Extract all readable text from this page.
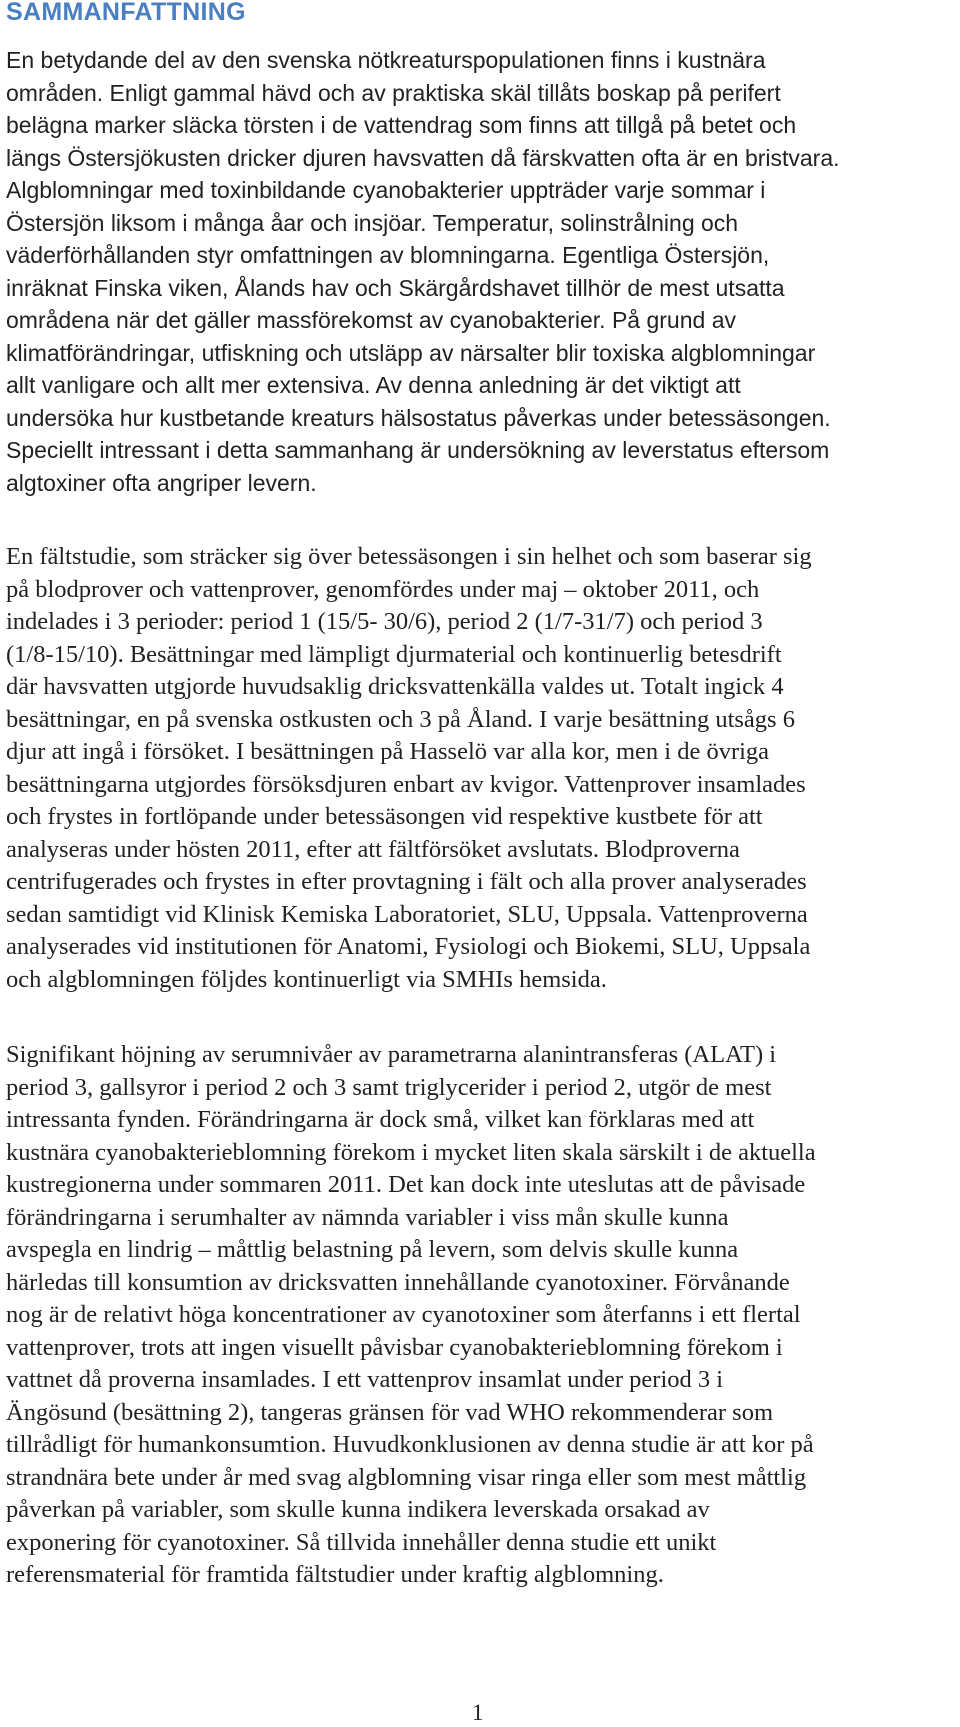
SAMMANFATTNING
En betydande del av den svenska nötkreaturspopulationen finns i kustnära
områden. Enligt gammal hävd och av praktiska skäl tillåts boskap på perifert
belägna marker släcka törsten i de vattendrag som finns att tillgå på betet och
längs Östersjökusten dricker djuren havsvatten då färskvatten ofta är en bristvara.
Algblomningar med toxinbildande cyanobakterier uppträder varje sommar i
Östersjön liksom i många åar och insjöar. Temperatur, solinstrålning och
väderförhållanden styr omfattningen av blomningarna. Egentliga Östersjön,
inräknat Finska viken, Ålands hav och Skärgårdshavet tillhör de mest utsatta
områdena när det gäller massförekomst av cyanobakterier. På grund av
klimatförändringar, utfiskning och utsläpp av närsalter blir toxiska algblomningar
allt vanligare och allt mer extensiva. Av denna anledning är det viktigt att
undersöka hur kustbetande kreaturs hälsostatus påverkas under betessäsongen.
Speciellt intressant i detta sammanhang är undersökning av leverstatus eftersom
algtoxiner ofta angriper levern.
En fältstudie, som sträcker sig över betessäsongen i sin helhet och som baserar sig
på blodprover och vattenprover, genomfördes under maj – oktober 2011, och
indelades i 3 perioder: period 1 (15/5- 30/6), period 2 (1/7-31/7) och period 3
(1/8-15/10). Besättningar med lämpligt djurmaterial och kontinuerlig betesdrift
där havsvatten utgjorde huvudsaklig dricksvattenkälla valdes ut. Totalt ingick 4
besättningar, en på svenska ostkusten och 3 på Åland. I varje besättning utsågs 6
djur att ingå i försöket. I besättningen på Hasselö var alla kor, men i de övriga
besättningarna utgjordes försöksdjuren enbart av kvigor. Vattenprover insamlades
och frystes in fortlöpande under betessäsongen vid respektive kustbete för att
analyseras under hösten 2011, efter att fältförsöket avslutats. Blodproverna
centrifugerades och frystes in efter provtagning i fält och alla prover analyserades
sedan samtidigt vid Klinisk Kemiska Laboratoriet, SLU, Uppsala. Vattenproverna
analyserades vid institutionen för Anatomi, Fysiologi och Biokemi, SLU, Uppsala
och algblomningen följdes kontinuerligt via SMHIs hemsida.
Signifikant höjning av serumnivåer av parametrarna alanintransferas (ALAT) i
period 3, gallsyror i period 2 och 3 samt triglycerider i period 2, utgör de mest
intressanta fynden. Förändringarna är dock små, vilket kan förklaras med att
kustnära cyanobakterieblomning förekom i mycket liten skala särskilt i de aktuella
kustregionerna under sommaren 2011. Det kan dock inte uteslutas att de påvisade
förändringarna i serumhalter av nämnda variabler i viss mån skulle kunna
avspegla en lindrig – måttlig belastning på levern, som delvis skulle kunna
härledas till konsumtion av dricksvatten innehållande cyanotoxiner. Förvånande
nog är de relativt höga koncentrationer av cyanotoxiner som återfanns i ett flertal
vattenprover, trots att ingen visuellt påvisbar cyanobakterieblomning förekom i
vattnet då proverna insamlades. I ett vattenprov insamlat under period 3 i
Ängösund (besättning 2), tangeras gränsen för vad WHO rekommenderar som
tillrådligt för humankonsumtion. Huvudkonklusionen av denna studie är att kor på
strandnära bete under år med svag algblomning visar ringa eller som mest måttlig
påverkan på variabler, som skulle kunna indikera leverskada orsakad av
exponering för cyanotoxiner. Så tillvida innehåller denna studie ett unikt
referensmaterial för framtida fältstudier under kraftig algblomning.
1
